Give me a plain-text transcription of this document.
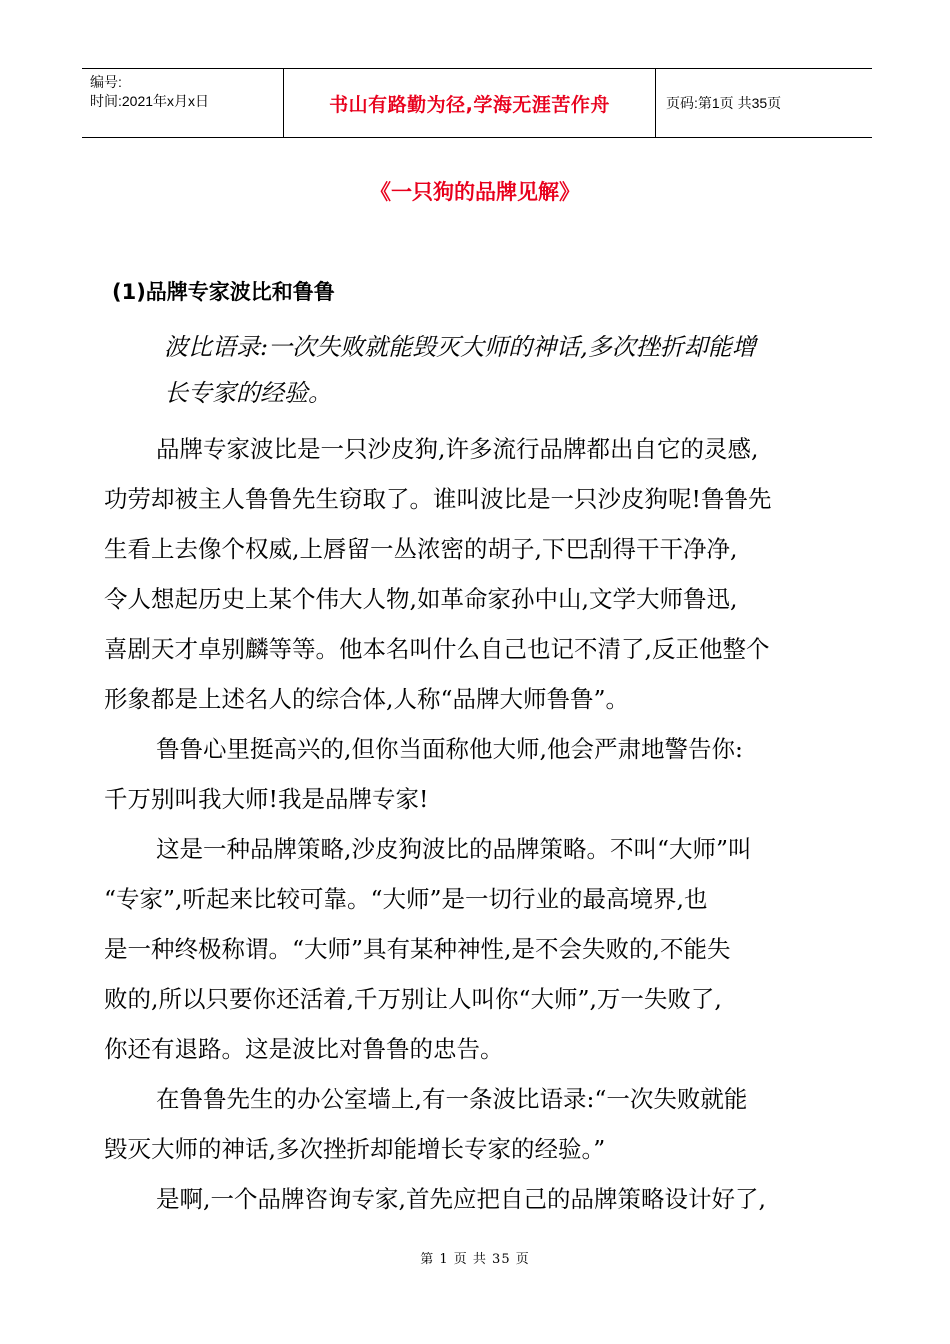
编号:
时间:2021年x月x日	书山有路勤为径,学海无涯苦作舟	页码:第1页 共35页
《一只狗的品牌见解》
(1)品牌专家波比和鲁鲁
波比语录:一次失败就能毁灭大师的神话,多次挫折却能增
长专家的经验。
品牌专家波比是一只沙皮狗,许多流行品牌都出自它的灵感,
功劳却被主人鲁鲁先生窃取了。谁叫波比是一只沙皮狗呢!鲁鲁先
生看上去像个权威,上唇留一丛浓密的胡子,下巴刮得干干净净,
令人想起历史上某个伟大人物,如革命家孙中山,文学大师鲁迅,
喜剧天才卓别麟等等。他本名叫什么自己也记不清了,反正他整个
形象都是上述名人的综合体,人称“品牌大师鲁鲁”。
鲁鲁心里挺高兴的,但你当面称他大师,他会严肃地警告你:
千万别叫我大师!我是品牌专家!
这是一种品牌策略,沙皮狗波比的品牌策略。不叫“大师”叫
“专家”,听起来比较可靠。“大师”是一切行业的最高境界,也
是一种终极称谓。“大师”具有某种神性,是不会失败的,不能失
败的,所以只要你还活着,千万别让人叫你“大师”,万一失败了,
你还有退路。这是波比对鲁鲁的忠告。
在鲁鲁先生的办公室墙上,有一条波比语录:“一次失败就能
毁灭大师的神话,多次挫折却能增长专家的经验。”
是啊,一个品牌咨询专家,首先应把自己的品牌策略设计好了,
第 1 页 共 35 页
